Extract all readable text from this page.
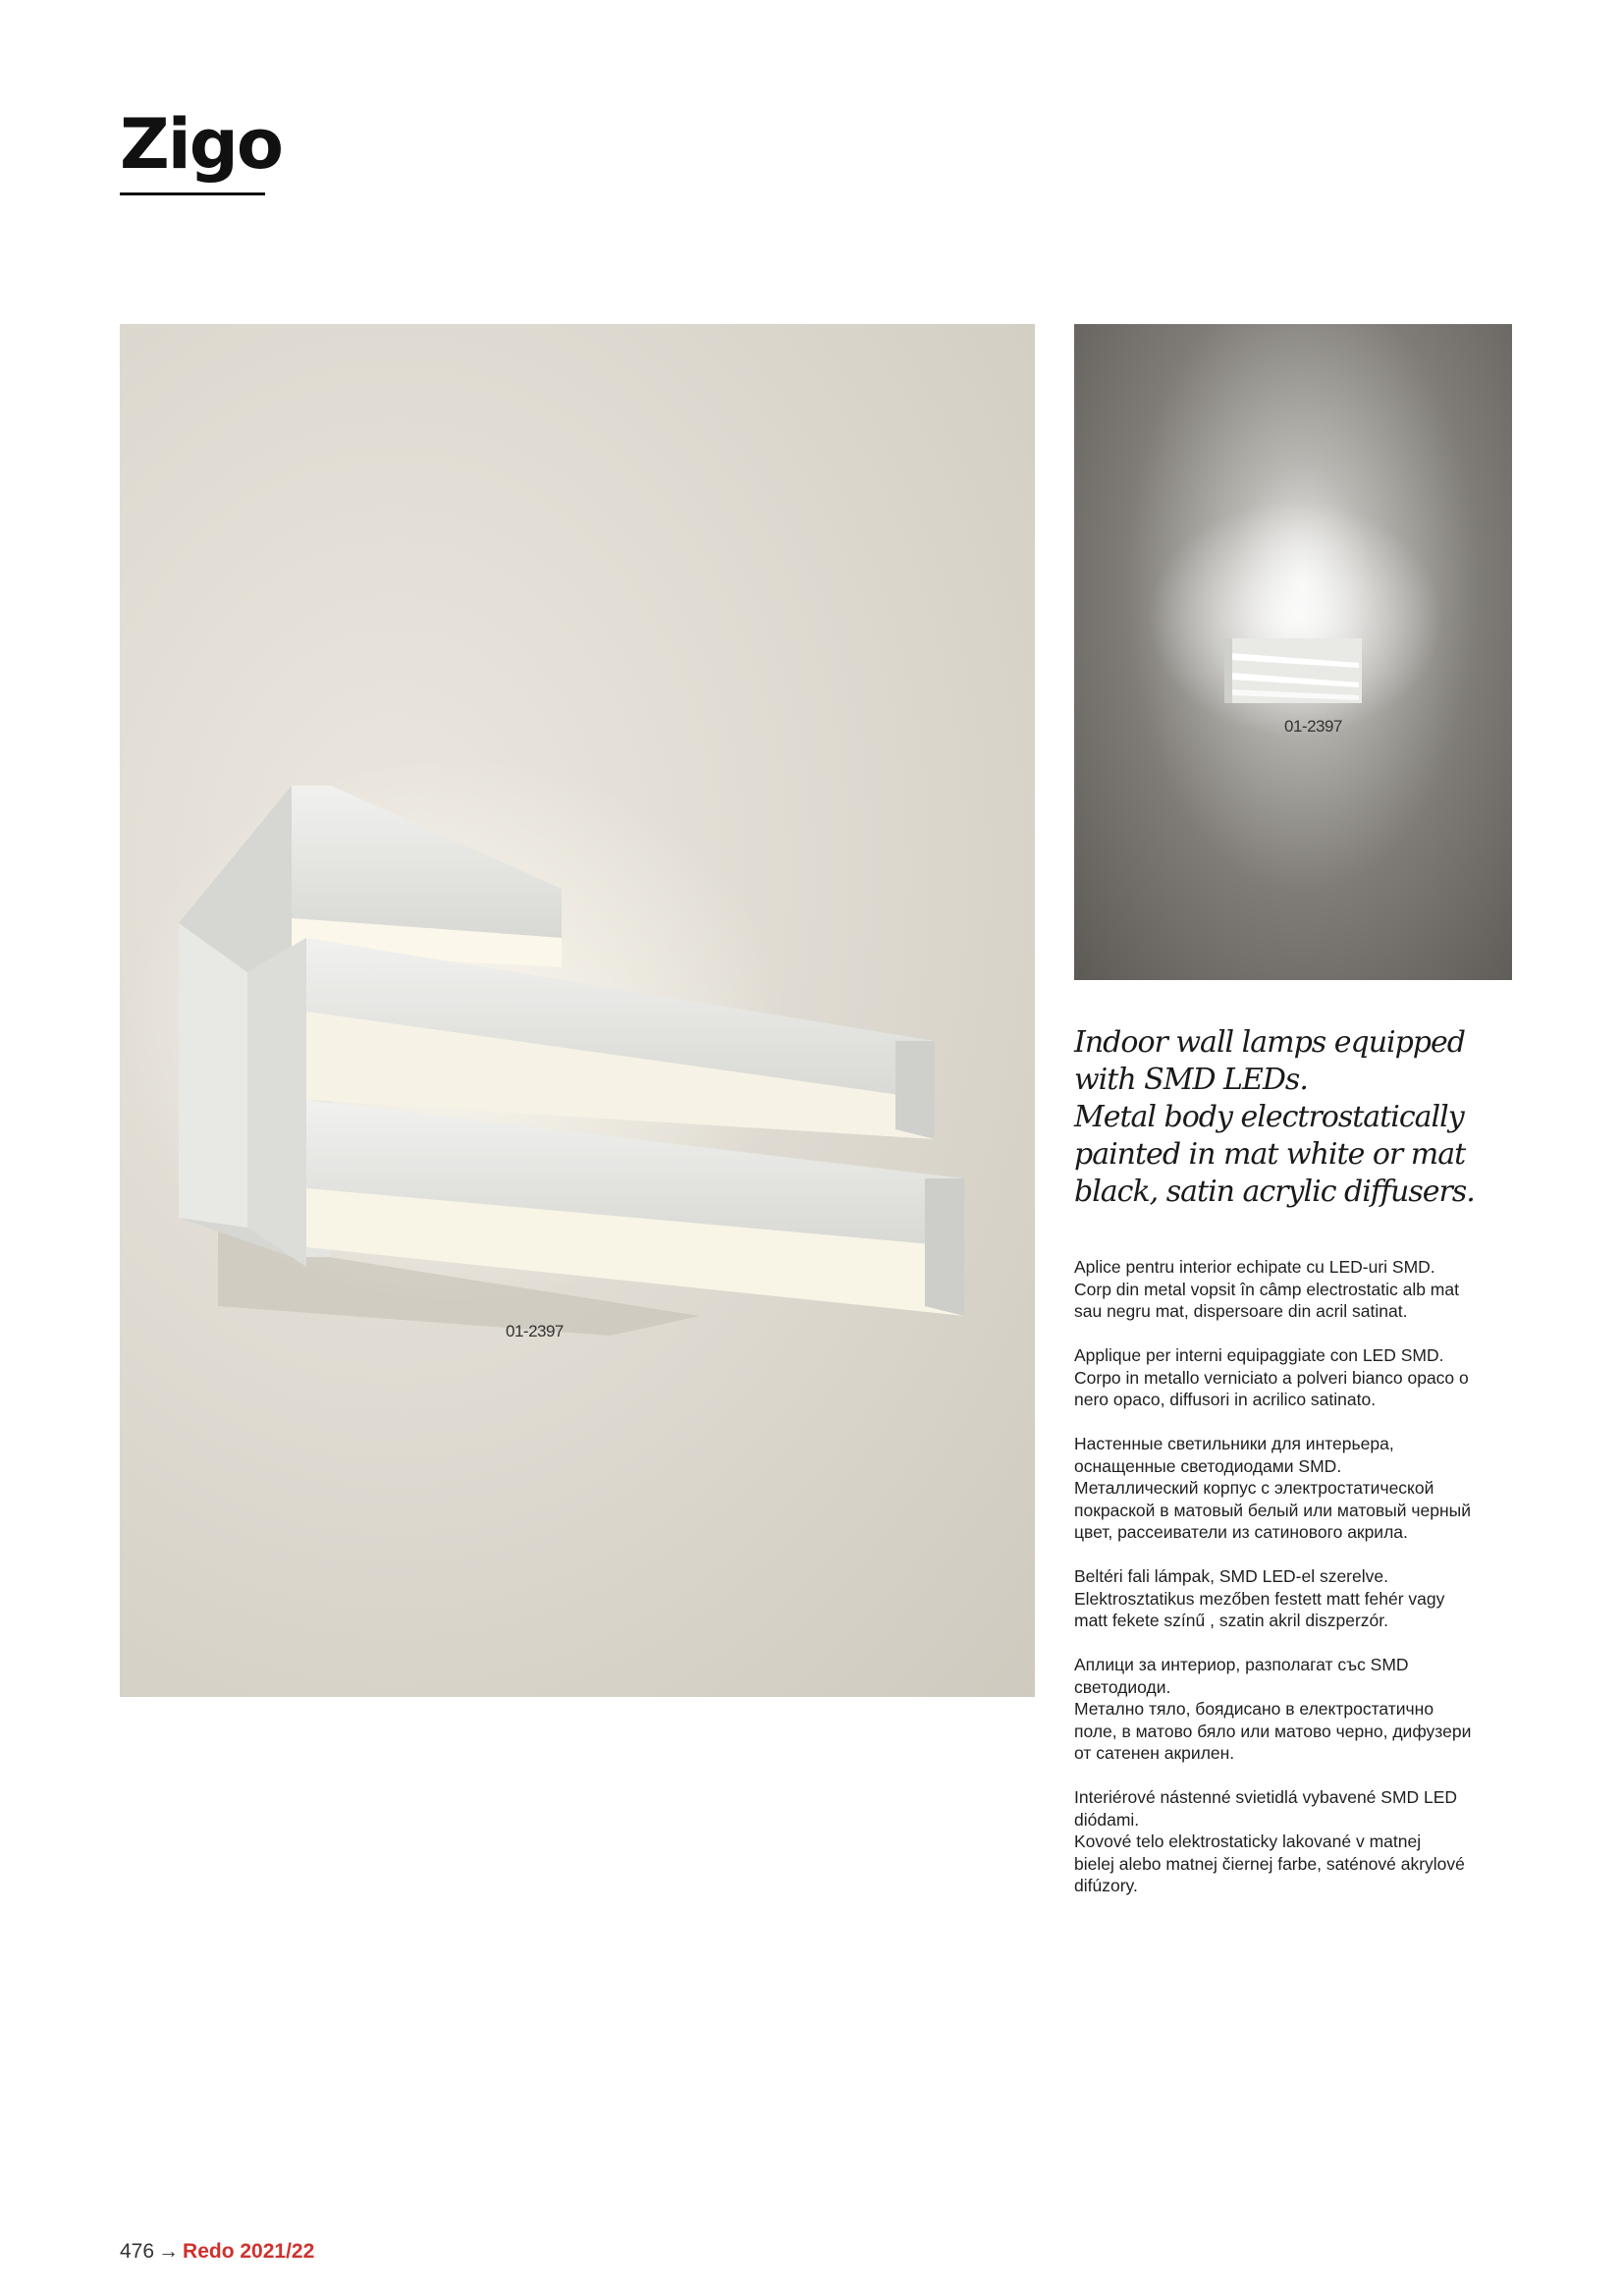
Zigo
01-2397
01-2397
Indoor wall lamps equipped
with SMD LEDs.
Metal body electrostatically
painted in mat white or mat
black, satin acrylic diffusers.
Aplice pentru interior echipate cu LED-uri SMD.
Corp din metal vopsit în câmp electrostatic alb mat
sau negru mat, dispersoare din acril satinat.
Applique per interni equipaggiate con LED SMD.
Corpo in metallo verniciato a polveri bianco opaco o
nero opaco, diffusori in acrilico satinato.
Настенные светильники для интерьера,
оснащенные светодиодами SMD.
Металлический корпус с электростатической
покраской в матовый белый или матовый черный
цвет, рассеиватели из сатинового акрила.
Beltéri fali lámpak, SMD LED-el szerelve.
Elektrosztatikus mezőben festett matt fehér vagy
matt fekete színű , szatin akril diszperzór.
Аплици за интериор, разполагат със SMD
светодиоди.
Метално тяло, боядисано в електростатично
поле, в матово бяло или матово черно, дифузери
от сатенен акрилен.
Interiérové nástenné svietidlá vybavené SMD LED
diódami.
Kovové telo elektrostaticky lakované v matnej
bielej alebo matnej čiernej farbe, saténové akrylové
difúzory.
476 → Redo 2021/22
